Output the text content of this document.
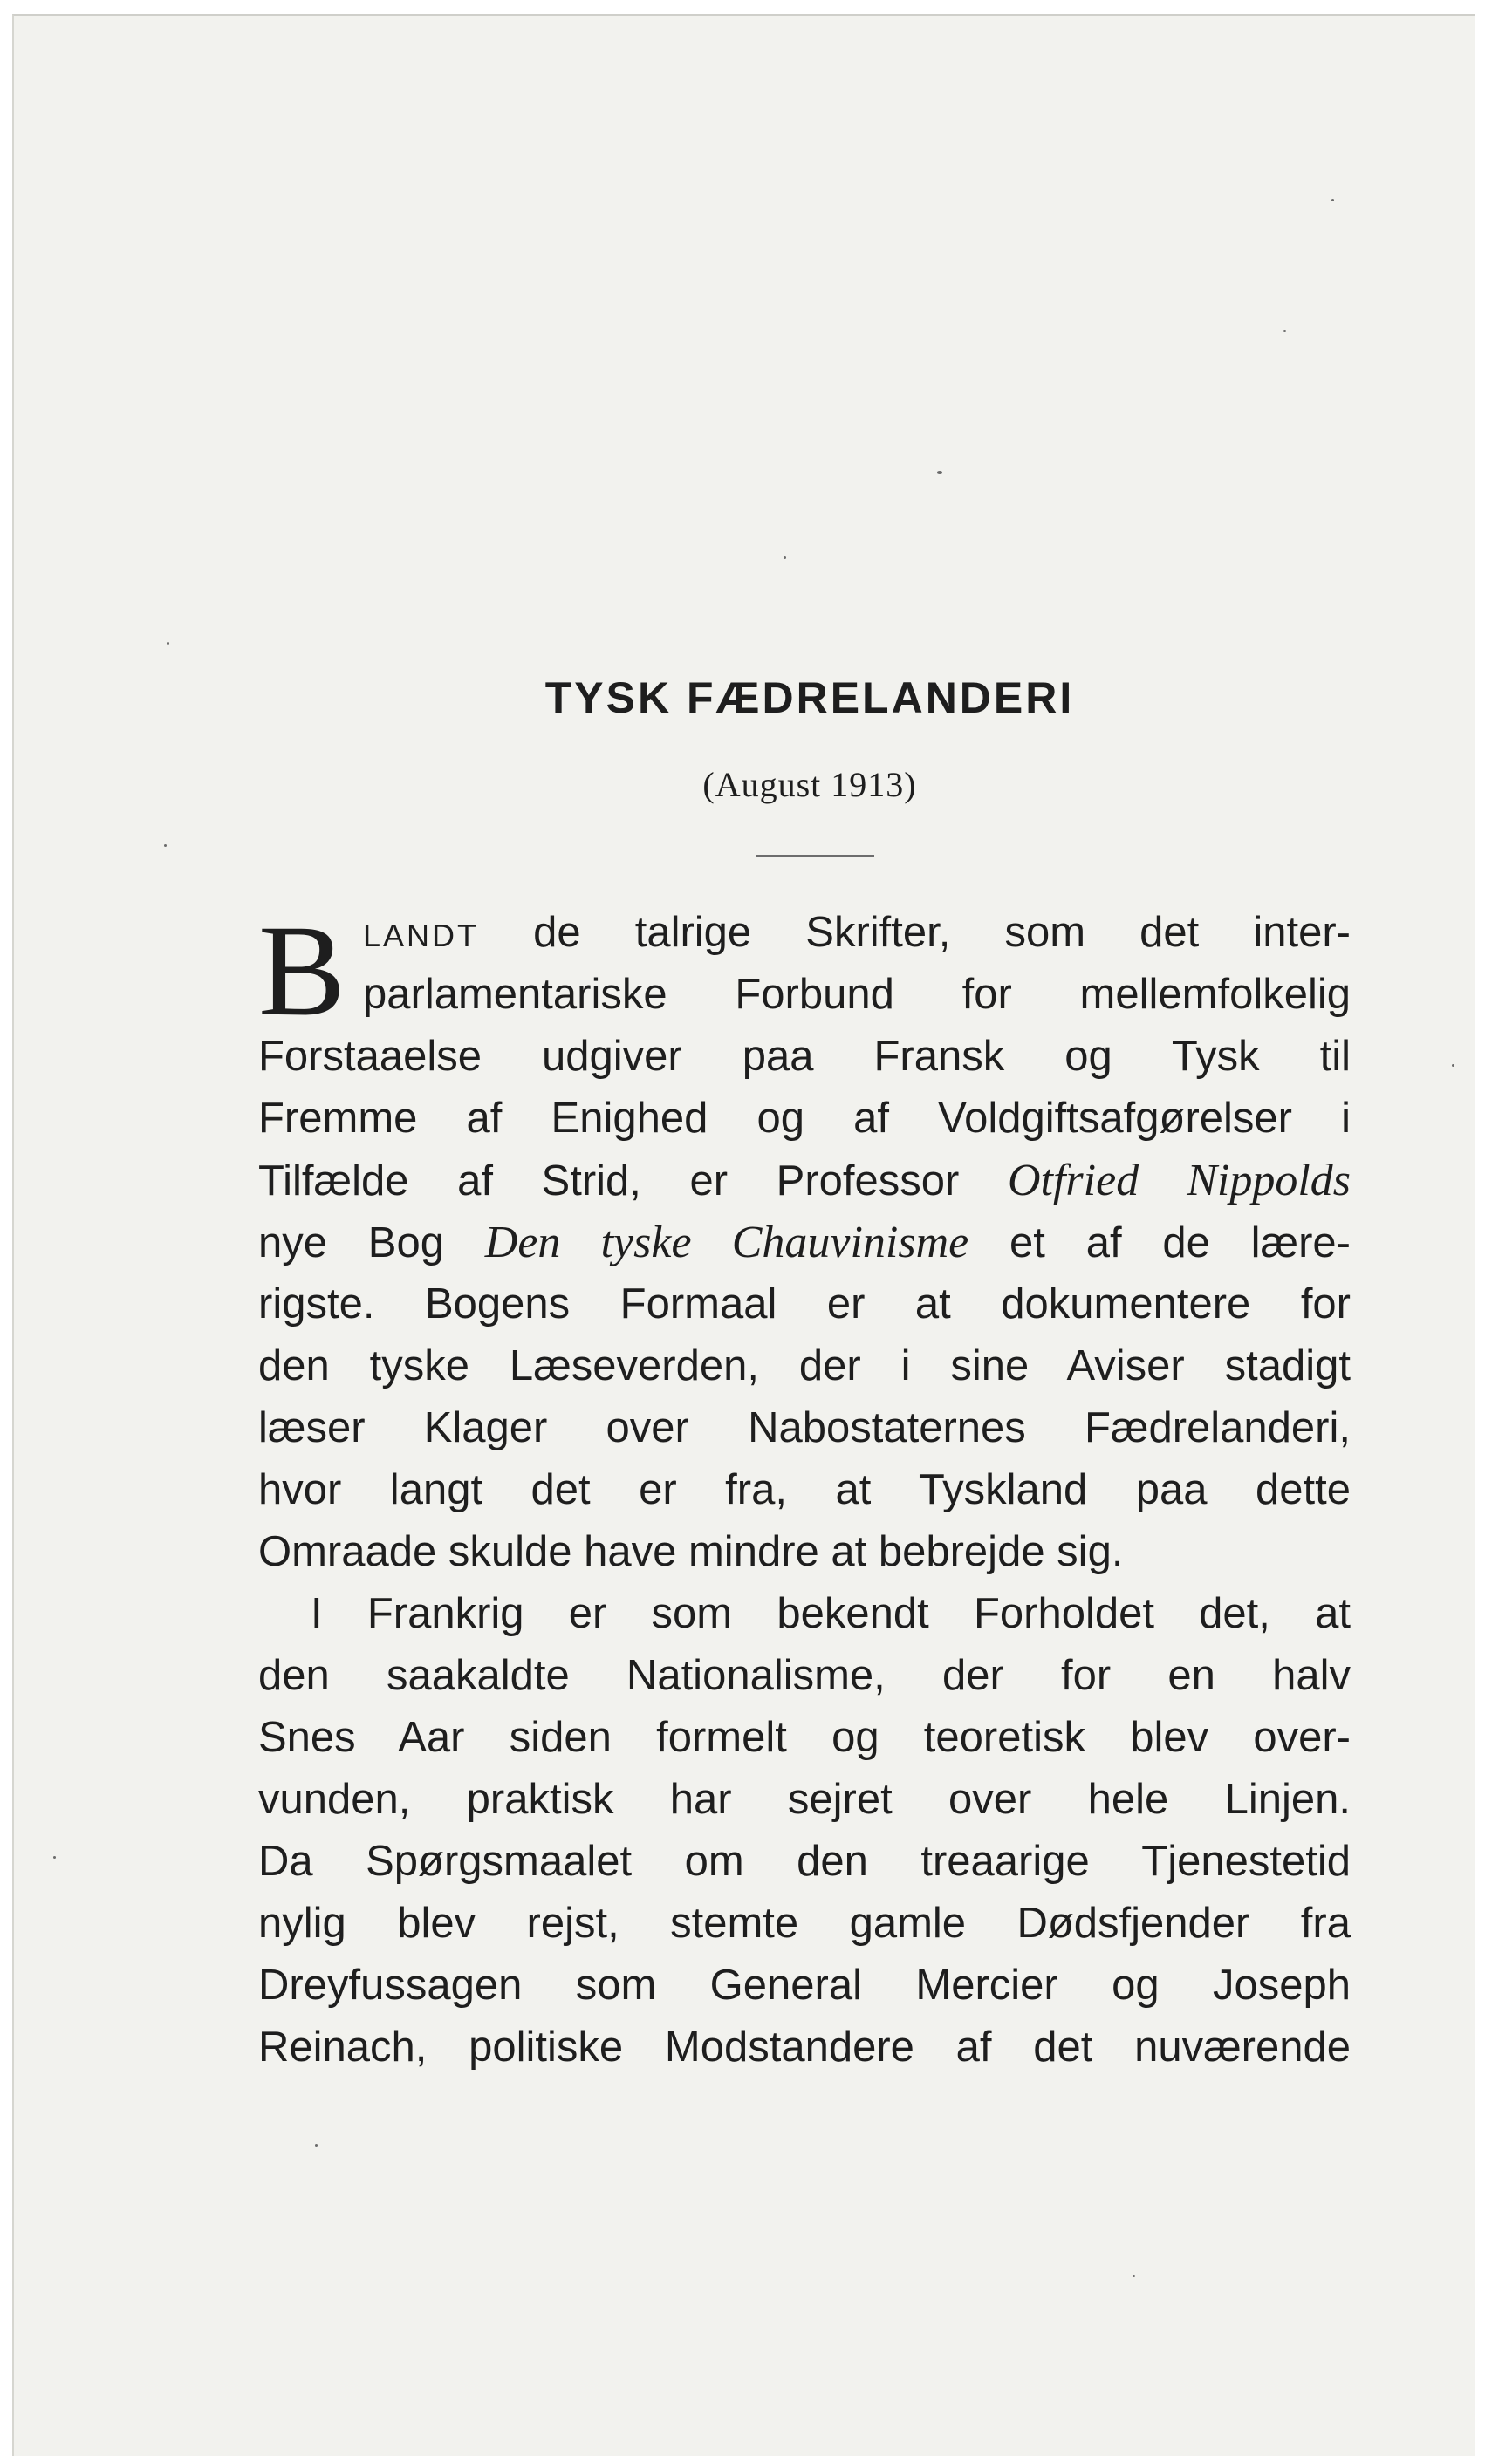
TYSK FÆDRELANDERI
(August 1913)
B LANDT de talrige Skrifter, som det inter-
parlamentariske Forbund for mellemfolkelig
Forstaaelse udgiver paa Fransk og Tysk til
Fremme af Enighed og af Voldgiftsafgørelser i
Tilfælde af Strid, er Professor Otfried Nippolds
nye Bog Den tyske Chauvinisme et af de lære-
rigste. Bogens Formaal er at dokumentere for
den tyske Læseverden, der i sine Aviser stadigt
læser Klager over Nabostaternes Fædrelanderi,
hvor langt det er fra, at Tyskland paa dette
Omraade skulde have mindre at bebrejde sig.
I Frankrig er som bekendt Forholdet det, at
den saakaldte Nationalisme, der for en halv
Snes Aar siden formelt og teoretisk blev over-
vunden, praktisk har sejret over hele Linjen.
Da Spørgsmaalet om den treaarige Tjenestetid
nylig blev rejst, stemte gamle Dødsfjender fra
Dreyfussagen som General Mercier og Joseph
Reinach, politiske Modstandere af det nuværende
